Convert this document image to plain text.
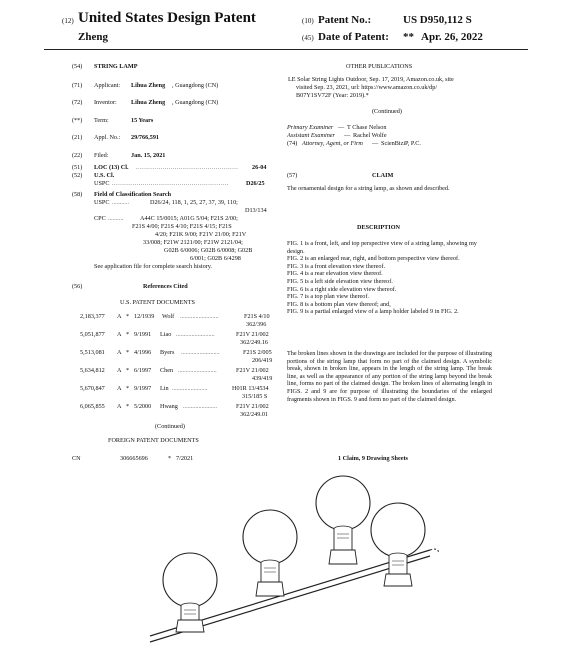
(12) United States Design Patent
Zheng
(10) Patent No.:	US D950,112 S
(45) Date of Patent: ** Apr. 26, 2022
(54) STRING LAMP
(71) Applicant: Lihua Zheng , Guangdong (CN)
(72) Inventor: Lihua Zheng , Guangdong (CN)
(**) Term:	15 Years
(21) Appl. No.: 29/766,591
(22) Filed:	Jan. 15, 2021
(51) LOC (13) Cl. .................................................. 26-04
(52) U.S. Cl.
USPC .........................................................	D26/25
(58) Field of Classification Search
USPC ...........	D26/24, 118, 1, 25, 27, 37, 39, 110;
D13/134
CPC ..........	A44C 15/0015; A01G 5/04; F21S 2/00;
F21S 4/00; F21S 4/10; F21S 4/15; F21S
4/20; F21K 9/00; F21V 21/00; F21V
33/008; F21W 2121/00; F21W 2121/04;
G02B 6/0006; G02B 6/0008; G02B
6/001; G02B 6/4298
See application file for complete search history.
(56)	References Cited
U.S. PATENT DOCUMENTS
2,183,377 A * 12/1939 Wolf .........................	F21S 4/10
362/396
5,051,877 A * 9/1991 Liao .........................	F21V 21/002
362/249.16
5,513,081 A * 4/1996 Byers .........................	F21S 2/005
206/419
5,634,812 A * 6/1997 Chen .........................	F21V 21/002
439/419
5,670,847 A * 9/1997 Lin .......................	H01R 13/4534
315/185 S
6,065,855 A * 5/2000 Hwang ......................	F21V 21/002
362/249.01
(Continued)
FOREIGN PATENT DOCUMENTS
CN	306665696	* 7/2021
OTHER PUBLICATIONS
LE Solar String Lights Outdoor, Sep. 17, 2019, Amazon.co.uk, site
visited Sep. 23, 2021, url: https://www.amazon.co.uk/dp/
B07Y1SV72F (Year: 2019).*
(Continued)
Primary Examiner — T Chase Nelson
Assistant Examiner — Rachel Wolfe
(74) Attorney, Agent, or Firm — ScienBiziP, P.C.
(57)	CLAIM
The ornamental design for a string lamp, as shown and described.
DESCRIPTION
FIG. 1 is a front, left, and top perspective view of a string lamp, showing my design.
FIG. 2 is an enlarged rear, right, and bottom perspective view thereof.
FIG. 3 is a front elevation view thereof.
FIG. 4 is a rear elevation view thereof.
FIG. 5 is a left side elevation view thereof.
FIG. 6 is a right side elevation view thereof.
FIG. 7 is a top plan view thereof.
FIG. 8 is a bottom plan view thereof; and,
FIG. 9 is a partial enlarged view of a lamp holder labeled 9 in FIG. 2.
The broken lines shown in the drawings are included for the purpose of illustrating portions of the string lamp that form no part of the claimed design. A symbolic break, shown in broken line, appears in the length of the string lamp. The break line, as well as the appearance of any portion of the string lamp beyond the break line, forms no part of the claimed design. The broken lines of alternating length in FIGS. 2 and 9 are for purpose of illustrating the boundaries of the enlarged fragments shown in FIGS. 9 and form no part of the claimed design.
1 Claim, 9 Drawing Sheets
